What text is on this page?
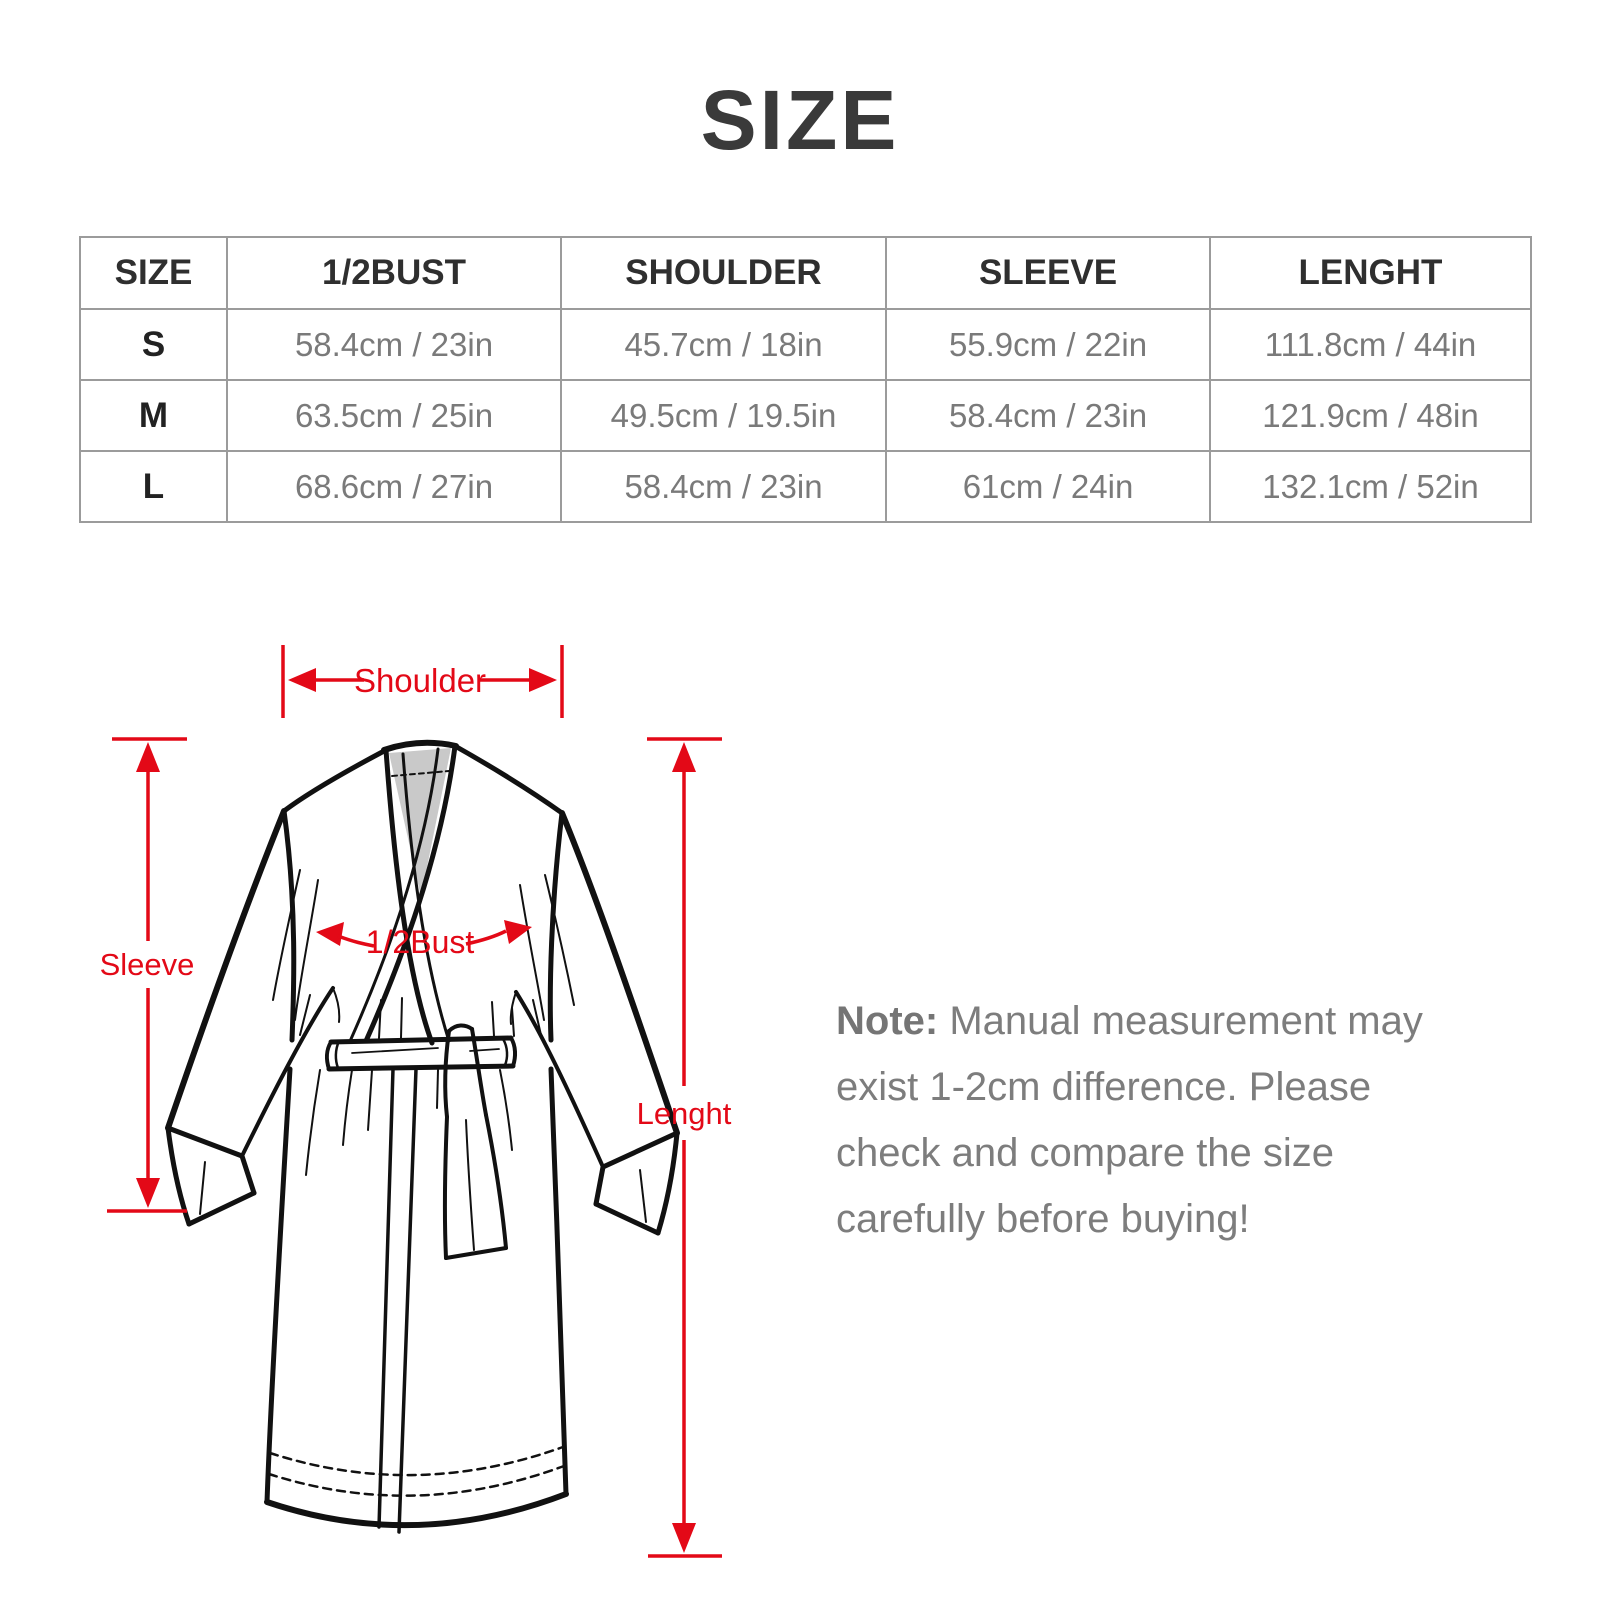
SIZE
SIZE	1/2BUST	SHOULDER	SLEEVE	LENGHT
S	58.4cm / 23in	45.7cm / 18in	55.9cm / 22in	111.8cm / 44in
M	63.5cm / 25in	49.5cm / 19.5in	58.4cm / 23in	121.9cm / 48in
L	68.6cm / 27in	58.4cm / 23in	61cm / 24in	132.1cm / 52in
Shoulder
Sleeve
1/2Bust
Lenght

Note: Manual measurement may exist 1-2cm difference. Please check and compare the size carefully before buying!
